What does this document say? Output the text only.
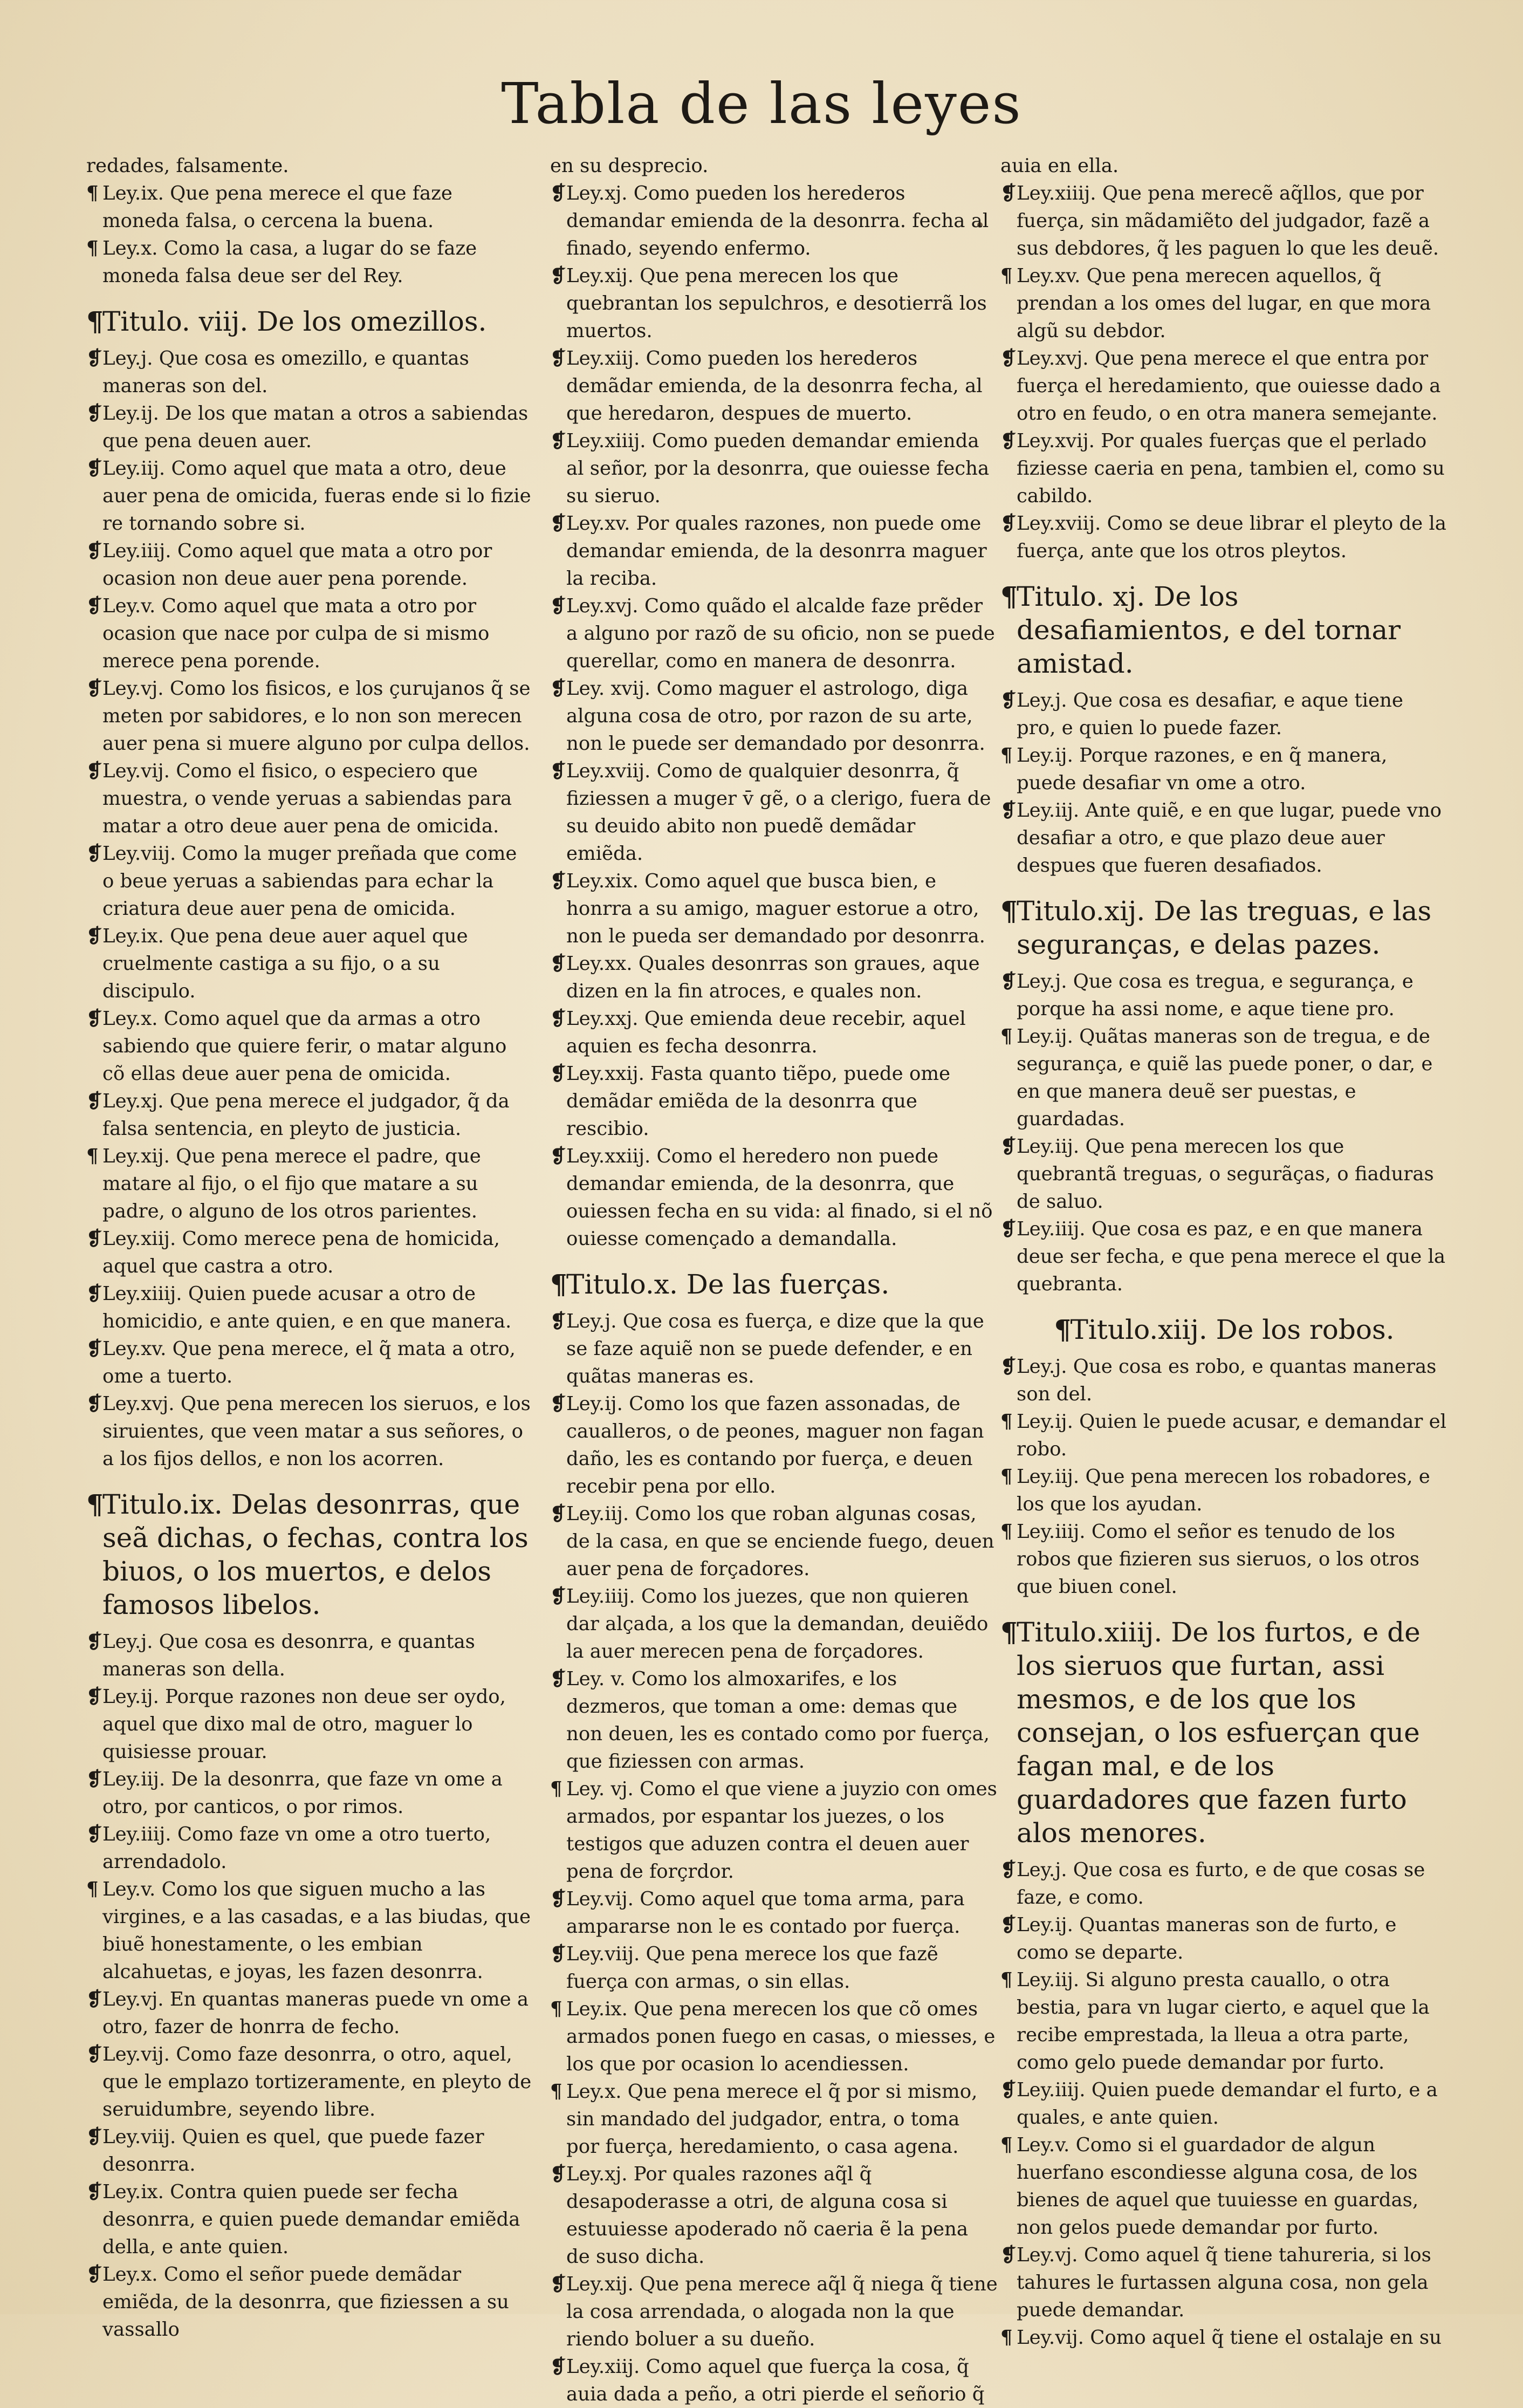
Tabla de las leyes

redades, falsamente.

¶ Ley.ix. Que pena merece el que faze moneda falsa, o cercena la buena.

¶ Ley.x. Como la casa, a lugar do se faze moneda falsa deue ser del Rey.

¶Titulo. viij. De los omezillos.

❡Ley.j. Que cosa es omezillo, e quantas maneras son del.

❡Ley.ij. De los que matan a otros a sabiendas que pena deuen auer.

❡Ley.iij. Como aquel que mata a otro, deue auer pena de omicida, fueras ende si lo fizie re tornando sobre si.

❡Ley.iiij. Como aquel que mata a otro por ocasion non deue auer pena porende.

❡Ley.v. Como aquel que mata a otro por ocasion que nace por culpa de si mismo merece pena porende.

❡Ley.vj. Como los fisicos, e los çurujanos q̃ se meten por sabidores, e lo non son merecen auer pena si muere alguno por culpa dellos.

❡Ley.vij. Como el fisico, o especiero que muestra, o vende yeruas a sabiendas para matar a otro deue auer pena de omicida.

❡Ley.viij. Como la muger preñada que come o beue yeruas a sabiendas para echar la criatura deue auer pena de omicida.

❡Ley.ix. Que pena deue auer aquel que cruelmente castiga a su fijo, o a su discipulo.

❡Ley.x. Como aquel que da armas a otro sabiendo que quiere ferir, o matar alguno cõ ellas deue auer pena de omicida.

❡Ley.xj. Que pena merece el judgador, q̃ da falsa sentencia, en pleyto de justicia.

¶ Ley.xij. Que pena merece el padre, que matare al fijo, o el fijo que matare a su padre, o alguno de los otros parientes.

❡Ley.xiij. Como merece pena de homicida, aquel que castra a otro.

❡Ley.xiiij. Quien puede acusar a otro de homicidio, e ante quien, e en que manera.

❡Ley.xv. Que pena merece, el q̃ mata a otro, ome a tuerto.

❡Ley.xvj. Que pena merecen los sieruos, e los siruientes, que veen matar a sus señores, o a los fijos dellos, e non los acorren.

¶Titulo.ix. Delas desonrras, que seã dichas, o fechas, contra los biuos, o los muertos, e delos famosos libelos.

❡Ley.j. Que cosa es desonrra, e quantas maneras son della.

❡Ley.ij. Porque razones non deue ser oydo, aquel que dixo mal de otro, maguer lo quisiesse prouar.

❡Ley.iij. De la desonrra, que faze vn ome a otro, por canticos, o por rimos.

❡Ley.iiij. Como faze vn ome a otro tuerto, arrendadolo.

¶ Ley.v. Como los que siguen mucho a las virgines, e a las casadas, e a las biudas, que biuẽ honestamente, o les embian alcahuetas, e joyas, les fazen desonrra.

❡Ley.vj. En quantas maneras puede vn ome a otro, fazer de honrra de fecho.

❡Ley.vij. Como faze desonrra, o otro, aquel, que le emplazo tortizeramente, en pleyto de seruidumbre, seyendo libre.

❡Ley.viij. Quien es quel, que puede fazer desonrra.

❡Ley.ix. Contra quien puede ser fecha desonrra, e quien puede demandar emiẽda della, e ante quien.

❡Ley.x. Como el señor puede demãdar emiẽda, de la desonrra, que fiziessen a su vassallo

en su desprecio.

❡Ley.xj. Como pueden los herederos demandar emienda de la desonrra. fecha al finado, seyendo enfermo.

❡Ley.xij. Que pena merecen los que quebrantan los sepulchros, e desotierrã los muertos.

❡Ley.xiij. Como pueden los herederos demãdar emienda, de la desonrra fecha, al que heredaron, despues de muerto.

❡Ley.xiiij. Como pueden demandar emienda al señor, por la desonrra, que ouiesse fecha su sieruo.

❡Ley.xv. Por quales razones, non puede ome demandar emienda, de la desonrra maguer la reciba.

❡Ley.xvj. Como quãdo el alcalde faze prẽder a alguno por razõ de su oficio, non se puede querellar, como en manera de desonrra.

❡Ley. xvij. Como maguer el astrologo, diga alguna cosa de otro, por razon de su arte, non le puede ser demandado por desonrra.

❡Ley.xviij. Como de qualquier desonrra, q̃ fiziessen a muger v̄ gẽ, o a clerigo, fuera de su deuido abito non puedẽ demãdar emiẽda.

❡Ley.xix. Como aquel que busca bien, e honrra a su amigo, maguer estorue a otro, non le pueda ser demandado por desonrra.

❡Ley.xx. Quales desonrras son graues, aque dizen en la fin atroces, e quales non.

❡Ley.xxj. Que emienda deue recebir, aquel aquien es fecha desonrra.

❡Ley.xxij. Fasta quanto tiẽpo, puede ome demãdar emiẽda de la desonrra que rescibio.

❡Ley.xxiij. Como el heredero non puede demandar emienda, de la desonrra, que ouiessen fecha en su vida: al finado, si el nõ ouiesse començado a demandalla.

¶Titulo.x. De las fuerças.

❡Ley.j. Que cosa es fuerça, e dize que la que se faze aquiẽ non se puede defender, e en quãtas maneras es.

❡Ley.ij. Como los que fazen assonadas, de caualleros, o de peones, maguer non fagan daño, les es contando por fuerça, e deuen recebir pena por ello.

❡Ley.iij. Como los que roban algunas cosas, de la casa, en que se enciende fuego, deuen auer pena de forçadores.

❡Ley.iiij. Como los juezes, que non quieren dar alçada, a los que la demandan, deuiẽdo la auer merecen pena de forçadores.

❡Ley. v. Como los almoxarifes, e los dezmeros, que toman a ome: demas que non deuen, les es contado como por fuerça, que fiziessen con armas.

¶ Ley. vj. Como el que viene a juyzio con omes armados, por espantar los juezes, o los testigos que aduzen contra el deuen auer pena de forçrdor.

❡Ley.vij. Como aquel que toma arma, para ampararse non le es contado por fuerça.

❡Ley.viij. Que pena merece los que fazẽ fuerça con armas, o sin ellas.

¶ Ley.ix. Que pena merecen los que cõ omes armados ponen fuego en casas, o miesses, e los que por ocasion lo acendiessen.

¶ Ley.x. Que pena merece el q̃ por si mismo, sin mandado del judgador, entra, o toma por fuerça, heredamiento, o casa agena.

❡Ley.xj. Por quales razones aq̃l q̃ desapoderasse a otri, de alguna cosa si estuuiesse apoderado nõ caeria ẽ la pena de suso dicha.

❡Ley.xij. Que pena merece aq̃l q̃ niega q̃ tiene la cosa arrendada, o alogada non la que riendo boluer a su dueño.

❡Ley.xiij. Como aquel que fuerça la cosa, q̃ auia dada a peño, a otri pierde el señorio q̃

auia en ella.

❡Ley.xiiij. Que pena merecẽ aq̃llos, que por fuerça, sin mãdamiẽto del judgador, fazẽ a sus debdores, q̃ les paguen lo que les deuẽ.

¶ Ley.xv. Que pena merecen aquellos, q̃ prendan a los omes del lugar, en que mora algũ su debdor.

❡Ley.xvj. Que pena merece el que entra por fuerça el heredamiento, que ouiesse dado a otro en feudo, o en otra manera semejante.

❡Ley.xvij. Por quales fuerças que el perlado fiziesse caeria en pena, tambien el, como su cabildo.

❡Ley.xviij. Como se deue librar el pleyto de la fuerça, ante que los otros pleytos.

¶Titulo. xj. De los desafiamientos, e del tornar amistad.

❡Ley.j. Que cosa es desafiar, e aque tiene pro, e quien lo puede fazer.

¶ Ley.ij. Porque razones, e en q̃ manera, puede desafiar vn ome a otro.

❡Ley.iij. Ante quiẽ, e en que lugar, puede vno desafiar a otro, e que plazo deue auer despues que fueren desafiados.

¶Titulo.xij. De las treguas, e las seguranças, e delas pazes.

❡Ley.j. Que cosa es tregua, e segurança, e porque ha assi nome, e aque tiene pro.

¶ Ley.ij. Quãtas maneras son de tregua, e de segurança, e quiẽ las puede poner, o dar, e en que manera deuẽ ser puestas, e guardadas.

❡Ley.iij. Que pena merecen los que quebrantã treguas, o segurãças, o fiaduras de saluo.

❡Ley.iiij. Que cosa es paz, e en que manera deue ser fecha, e que pena merece el que la quebranta.

¶Titulo.xiij. De los robos.

❡Ley.j. Que cosa es robo, e quantas maneras son del.

¶ Ley.ij. Quien le puede acusar, e demandar el robo.

¶ Ley.iij. Que pena merecen los robadores, e los que los ayudan.

¶ Ley.iiij. Como el señor es tenudo de los robos que fizieren sus sieruos, o los otros que biuen conel.

¶Titulo.xiiij. De los furtos, e de los sieruos que furtan, assi mesmos, e de los que los consejan, o los esfuerçan que fagan mal, e de los guardadores que fazen furto alos menores.

❡Ley.j. Que cosa es furto, e de que cosas se faze, e como.

❡Ley.ij. Quantas maneras son de furto, e como se departe.

¶ Ley.iij. Si alguno presta cauallo, o otra bestia, para vn lugar cierto, e aquel que la recibe emprestada, la lleua a otra parte, como gelo puede demandar por furto.

❡Ley.iiij. Quien puede demandar el furto, e a quales, e ante quien.

¶ Ley.v. Como si el guardador de algun huerfano escondiesse alguna cosa, de los bienes de aquel que tuuiesse en guardas, non gelos puede demandar por furto.

❡Ley.vj. Como aquel q̃ tiene tahureria, si los tahures le furtassen alguna cosa, non gela puede demandar.

¶ Ley.vij. Como aquel q̃ tiene el ostalaje en su
